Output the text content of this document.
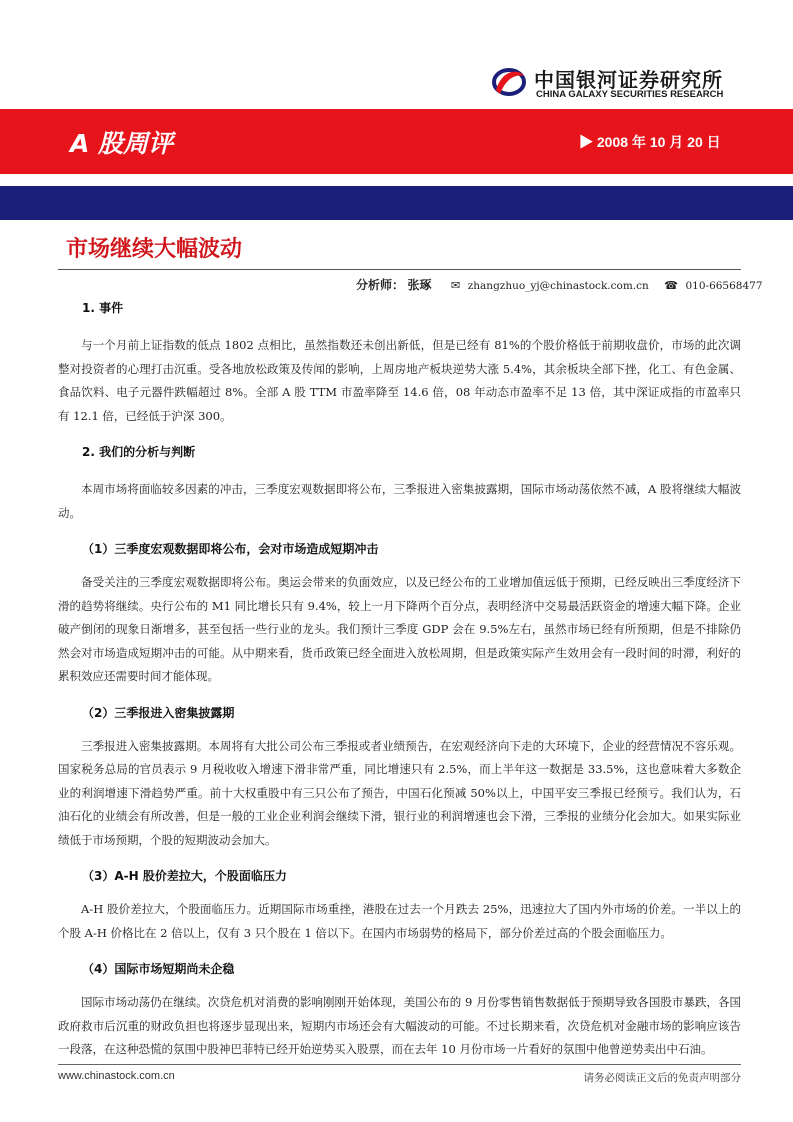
中国银河证券研究所
CHINA GALAXY SECURITIES RESEARCH
A 股周评	▶ 2008 年 10 月 20 日
市场继续大幅波动
分析师： 张琢 ✉ zhangzhuo_yj@chinastock.com.cn ☎ 010-66568477
1. 事件

与一个月前上证指数的低点 1802 点相比，虽然指数还未创出新低，但是已经有 81%的个股价格低于前期收盘价，市场的此次调整对投资者的心理打击沉重。受各地放松政策及传闻的影响，上周房地产板块逆势大涨 5.4%，其余板块全部下挫，化工、有色金属、食品饮料、电子元器件跌幅超过 8%。全部 A 股 TTM 市盈率降至 14.6 倍，08 年动态市盈率不足 13 倍，其中深证成指的市盈率只有 12.1 倍，已经低于沪深 300。

2. 我们的分析与判断

本周市场将面临较多因素的冲击，三季度宏观数据即将公布，三季报进入密集披露期，国际市场动荡依然不减，A 股将继续大幅波动。

（1）三季度宏观数据即将公布，会对市场造成短期冲击

备受关注的三季度宏观数据即将公布。奥运会带来的负面效应，以及已经公布的工业增加值远低于预期，已经反映出三季度经济下滑的趋势将继续。央行公布的 M1 同比增长只有 9.4%，较上一月下降两个百分点，表明经济中交易最活跃资金的增速大幅下降。企业破产倒闭的现象日渐增多，甚至包括一些行业的龙头。我们预计三季度 GDP 会在 9.5%左右，虽然市场已经有所预期，但是不排除仍然会对市场造成短期冲击的可能。从中期来看，货币政策已经全面进入放松周期，但是政策实际产生效用会有一段时间的时滞，利好的累积效应还需要时间才能体现。

（2）三季报进入密集披露期

三季报进入密集披露期。本周将有大批公司公布三季报或者业绩预告，在宏观经济向下走的大环境下，企业的经营情况不容乐观。国家税务总局的官员表示 9 月税收收入增速下滑非常严重，同比增速只有 2.5%，而上半年这一数据是 33.5%，这也意味着大多数企业的利润增速下滑趋势严重。前十大权重股中有三只公布了预告，中国石化预减 50%以上，中国平安三季报已经预亏。我们认为，石油石化的业绩会有所改善，但是一般的工业企业利润会继续下滑，银行业的利润增速也会下滑，三季报的业绩分化会加大。如果实际业绩低于市场预期，个股的短期波动会加大。

（3）A-H 股价差拉大，个股面临压力

A-H 股价差拉大，个股面临压力。近期国际市场重挫，港股在过去一个月跌去 25%，迅速拉大了国内外市场的价差。一半以上的个股 A-H 价格比在 2 倍以上，仅有 3 只个股在 1 倍以下。在国内市场弱势的格局下，部分价差过高的个股会面临压力。

（4）国际市场短期尚未企稳

国际市场动荡仍在继续。次贷危机对消费的影响刚刚开始体现，美国公布的 9 月份零售销售数据低于预期导致各国股市暴跌，各国政府救市后沉重的财政负担也将逐步显现出来，短期内市场还会有大幅波动的可能。不过长期来看，次贷危机对金融市场的影响应该告一段落，在这种恐慌的氛围中股神巴菲特已经开始逆势买入股票，而在去年 10 月份市场一片看好的氛围中他曾逆势卖出中石油。

www.chinastock.com.cn	请务必阅读正文后的免责声明部分
